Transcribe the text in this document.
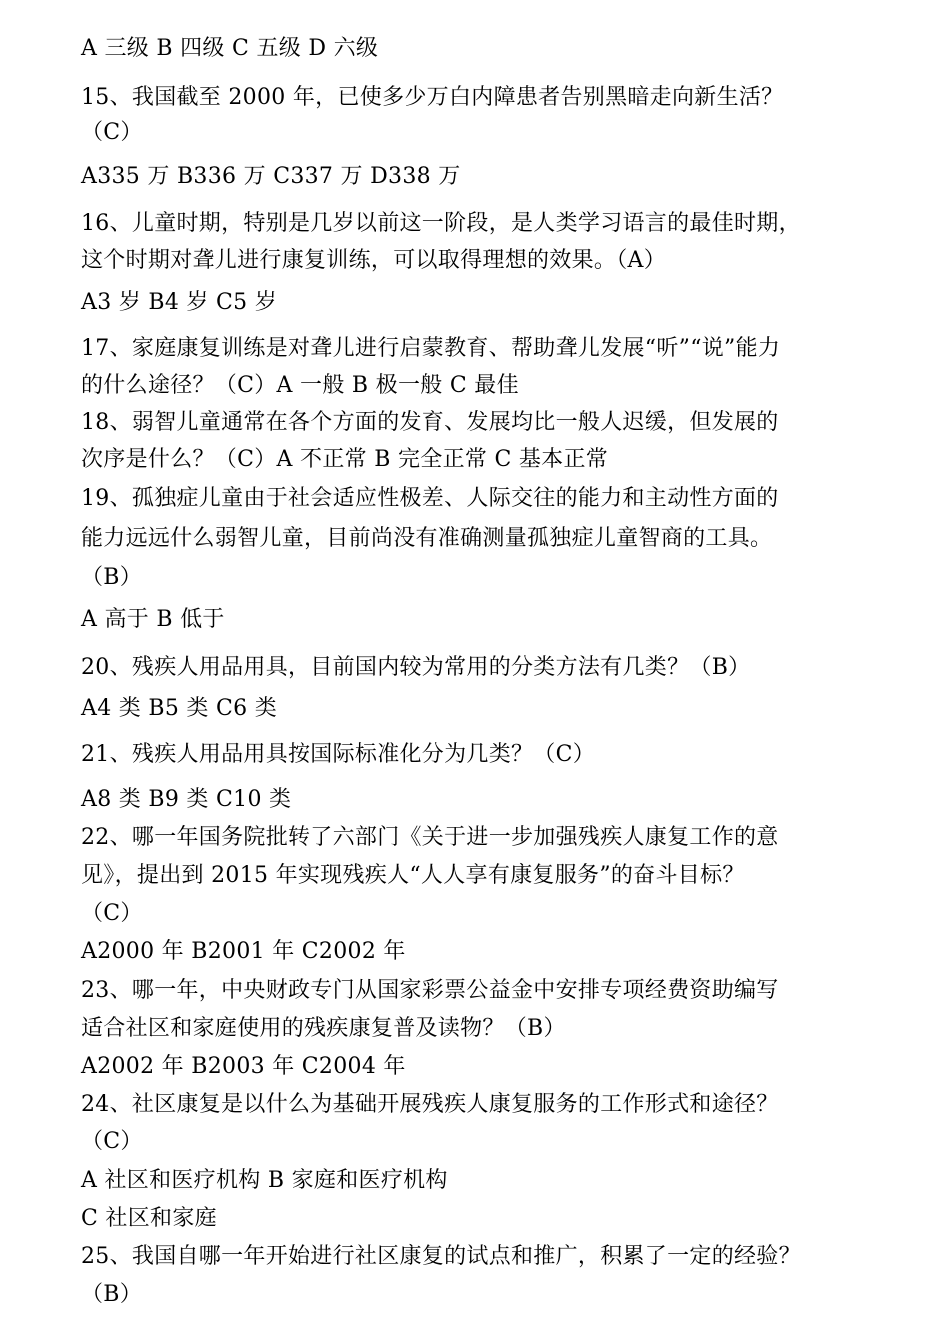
A 三级 B 四级 C 五级 D 六级
15、我国截至 2000 年，已使多少万白内障患者告别黑暗走向新生活？
（C）
A335 万 B336 万 C337 万 D338 万
16、儿童时期，特别是几岁以前这一阶段，是人类学习语言的最佳时期，
这个时期对聋儿进行康复训练，可以取得理想的效果。（A）
A3 岁 B4 岁 C5 岁
17、家庭康复训练是对聋儿进行启蒙教育、帮助聋儿发展“听”“说”能力
的什么途径？（C）A 一般 B 极一般 C 最佳
18、弱智儿童通常在各个方面的发育、发展均比一般人迟缓，但发展的
次序是什么？（C）A 不正常 B 完全正常 C 基本正常
19、孤独症儿童由于社会适应性极差、人际交往的能力和主动性方面的
能力远远什么弱智儿童，目前尚没有准确测量孤独症儿童智商的工具。
（B）
A 高于 B 低于
20、残疾人用品用具，目前国内较为常用的分类方法有几类？（B）
A4 类 B5 类 C6 类
21、残疾人用品用具按国际标准化分为几类？（C）
A8 类 B9 类 C10 类
22、哪一年国务院批转了六部门《关于进一步加强残疾人康复工作的意
见》，提出到 2015 年实现残疾人“人人享有康复服务”的奋斗目标？
（C）
A2000 年 B2001 年 C2002 年
23、哪一年，中央财政专门从国家彩票公益金中安排专项经费资助编写
适合社区和家庭使用的残疾康复普及读物？（B）
A2002 年 B2003 年 C2004 年
24、社区康复是以什么为基础开展残疾人康复服务的工作形式和途径？
（C）
A 社区和医疗机构 B 家庭和医疗机构
C 社区和家庭
25、我国自哪一年开始进行社区康复的试点和推广，积累了一定的经验？
（B）
